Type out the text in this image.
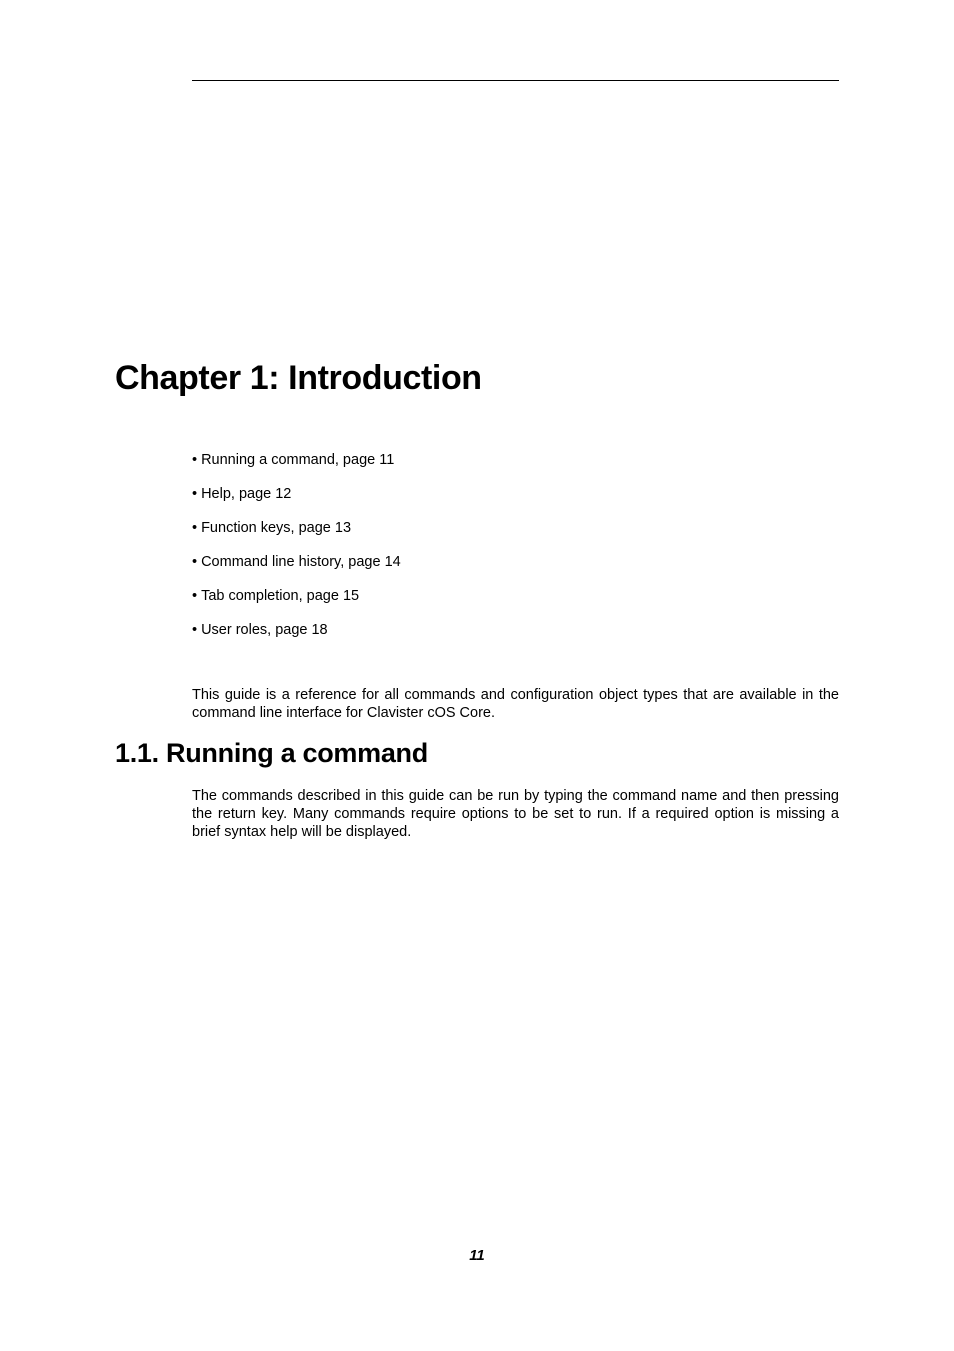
Chapter 1: Introduction
• Running a command, page 11
• Help, page 12
• Function keys, page 13
• Command line history, page 14
• Tab completion, page 15
• User roles, page 18

This guide is a reference for all commands and configuration object types that are available in the command line interface for Clavister cOS Core.

1.1. Running a command

The commands described in this guide can be run by typing the command name and then pressing the return key. Many commands require options to be set to run. If a required option is missing a brief syntax help will be displayed.

11
